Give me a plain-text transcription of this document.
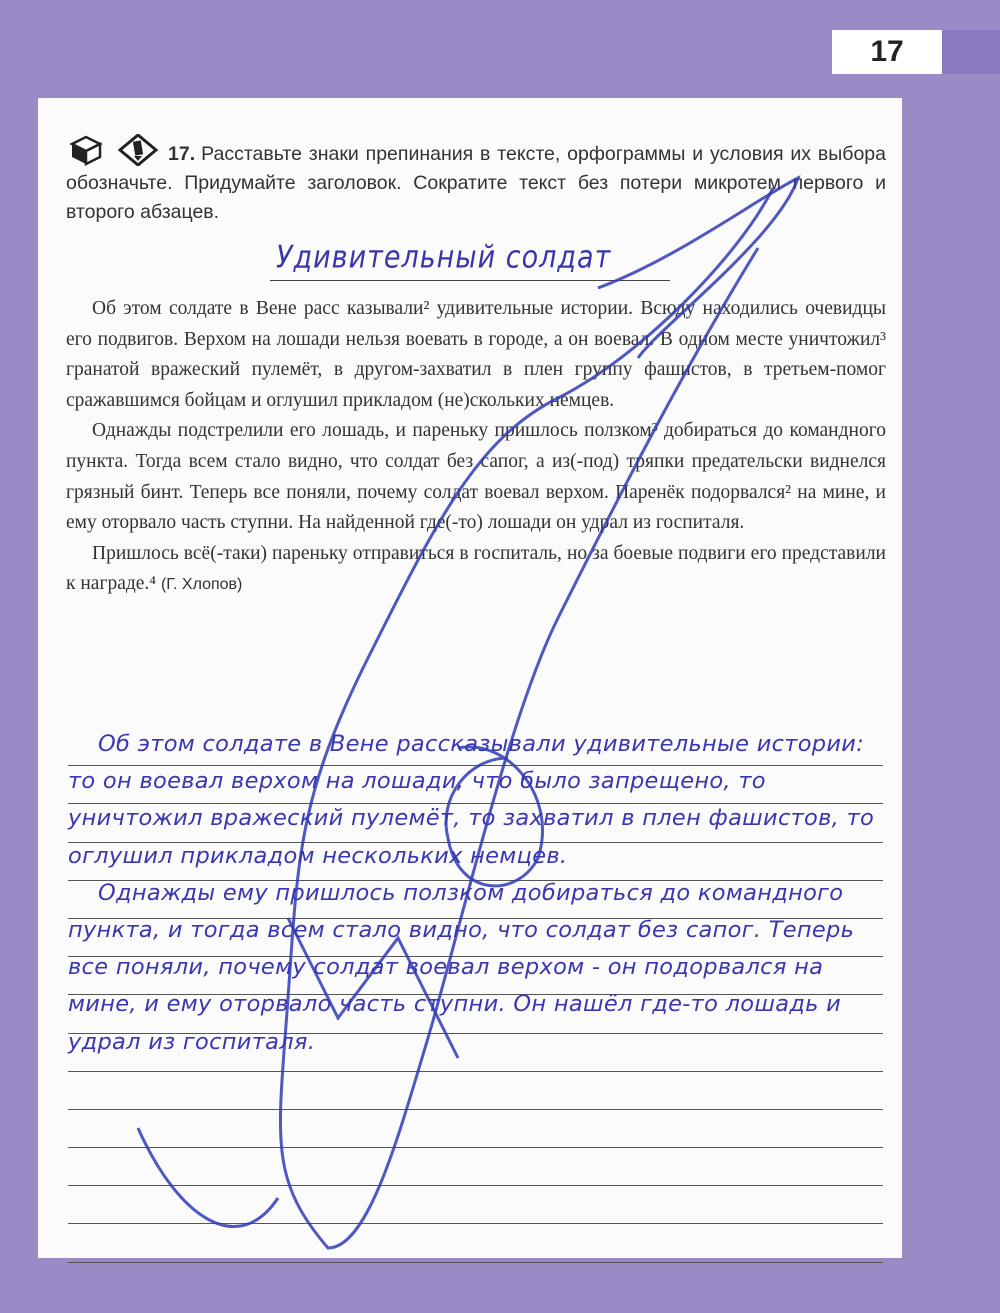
17
17. Расставьте знаки препинания в тексте, орфограммы и условия их выбора обозначьте. Придумайте заголовок. Сократите текст без потери микротем первого и второго абзацев.
Удивительный солдат

Об этом солдате в Вене расс казывали² удивительные истории. Всюду находились очевидцы его подвигов. Верхом на лошади нельзя воевать в городе, а он воевал. В одном месте уничтожил³ гранатой вражеский пулемёт, в другом-захватил в плен группу фашистов, в третьем-помог сражавшимся бойцам и оглушил прикладом (не)скольких немцев.

Однажды подстрелили его лошадь, и пареньку пришлось ползком³ добираться до командного пункта. Тогда всем стало видно, что солдат без сапог, а из(-под) тряпки предательски виднелся грязный бинт. Теперь все поняли, почему солдат воевал верхом. Паренёк подорвался² на мине, и ему оторвало часть ступни. На найденной где(-то) лошади он удрал из госпиталя.

Пришлось всё(-таки) пареньку отправиться в госпиталь, но за боевые подвиги его представили к награде.⁴ (Г. Хлопов)

Об этом солдате в Вене рассказывали удивительные истории: то он воевал верхом на лошади, что было запрещено, то уничтожил вражеский пулемёт, то захватил в плен фашистов, то оглушил прикладом нескольких немцев.

Однажды ему пришлось ползком добираться до командного пункта, и тогда всем стало видно, что солдат без сапог. Теперь все поняли, почему солдат воевал верхом - он подорвался на мине, и ему оторвало часть ступни. Он нашёл где-то лошадь и удрал из госпиталя.
